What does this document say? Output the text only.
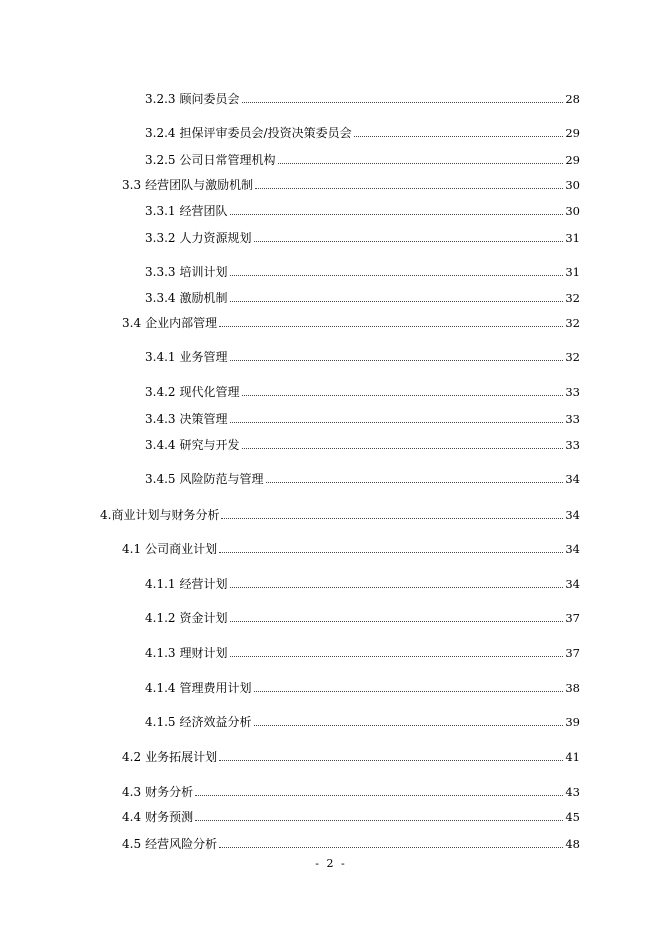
3.2.3 顾问委员会	28
3.2.4 担保评审委员会/投资决策委员会	29
3.2.5 公司日常管理机构	29
3.3 经营团队与激励机制	30
3.3.1 经营团队	30
3.3.2 人力资源规划	31
3.3.3 培训计划	31
3.3.4 激励机制	32
3.4 企业内部管理	32
3.4.1 业务管理	32
3.4.2 现代化管理	33
3.4.3 决策管理	33
3.4.4 研究与开发	33
3.4.5 风险防范与管理	34
4. 商业计划与财务分析	34
4.1 公司商业计划	34
4.1.1 经营计划	34
4.1.2 资金计划	37
4.1.3 理财计划	37
4.1.4 管理费用计划	38
4.1.5 经济效益分析	39
4.2 业务拓展计划	41
4.3 财务分析	43
4.4 财务预测	45
4.5 经营风险分析	48
- 2 -
